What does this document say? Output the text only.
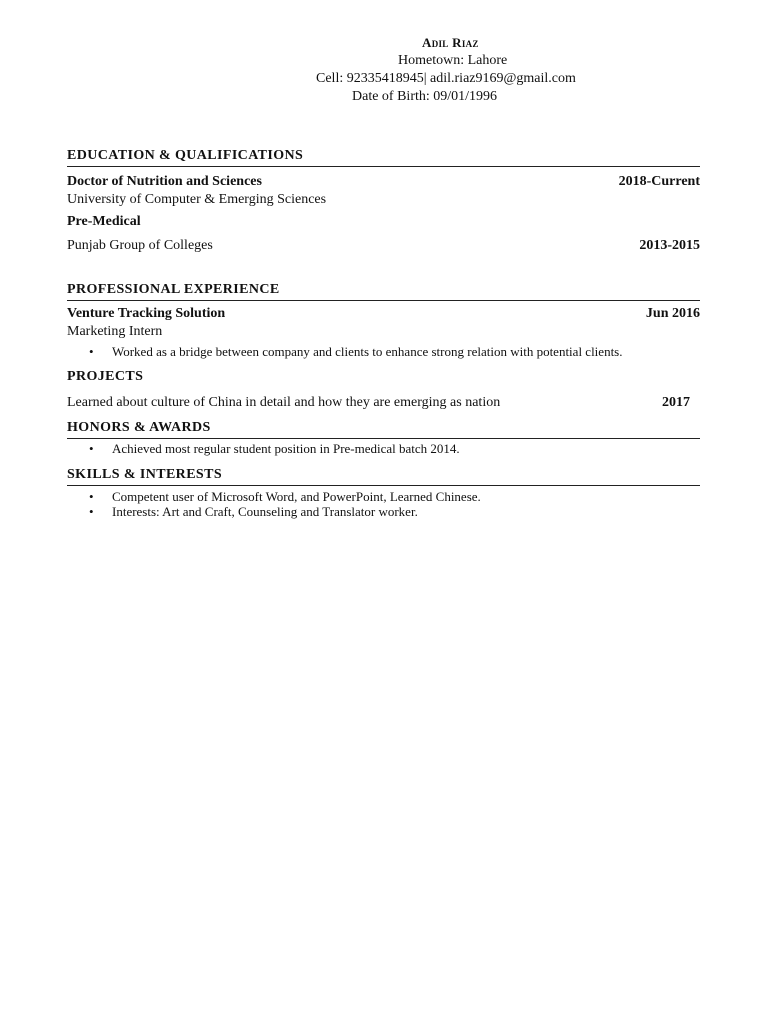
Adil Riaz
Hometown: Lahore
Cell: 92335418945| adil.riaz9169@gmail.com
Date of Birth: 09/01/1996
EDUCATION & QUALIFICATIONS
Doctor of Nutrition and Sciences	2018-Current
University of Computer & Emerging Sciences
Pre-Medical
Punjab Group of Colleges	2013-2015
PROFESSIONAL EXPERIENCE
Venture Tracking Solution	Jun 2016
Marketing Intern
• Worked as a bridge between company and clients to enhance strong relation with potential clients.
PROJECTS
Learned about culture of China in detail and how they are emerging as nation	2017
HONORS & AWARDS
• Achieved most regular student position in Pre-medical batch 2014.
SKILLS & INTERESTS
• Competent user of Microsoft Word, and PowerPoint, Learned Chinese.
• Interests: Art and Craft, Counseling and Translator worker.
